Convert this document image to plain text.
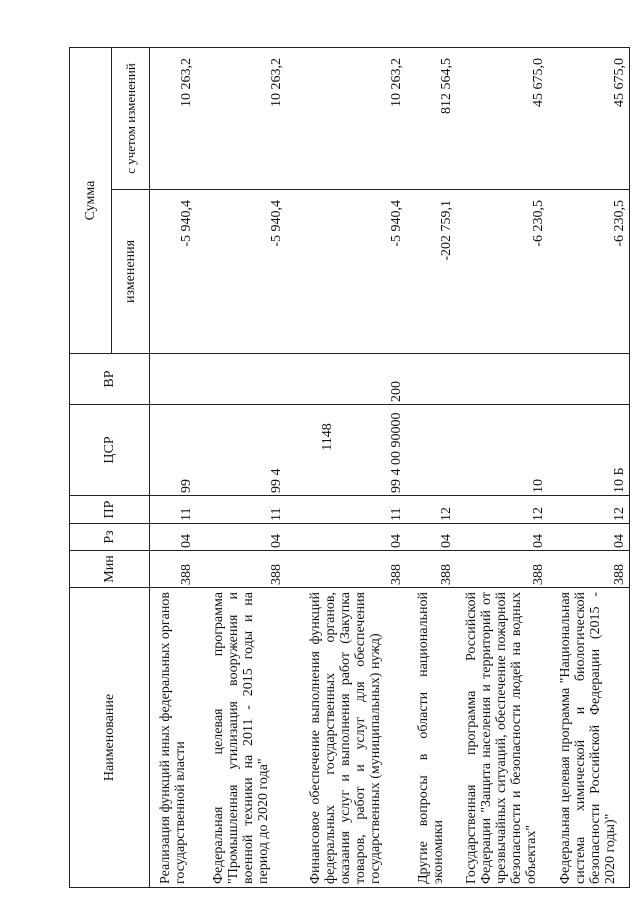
1148
Наименование	Мин	Рз	ПР	ЦСР	ВР	Сумма	
						изменения	с учетом изменений
Реализация функций иных федеральных органов государственной власти	388	04	11	99		-5 940,4	10 263,2
Федеральная целевая программа "Промышленная утилизация вооружения и военной техники на 2011 - 2015 годы и на период до 2020 года"	388	04	11	99 4		-5 940,4	10 263,2
Финансовое обеспечение выполнения функций федеральных государственных органов, оказания услуг и выполнения работ (Закупка товаров, работ и услуг для обеспечения государственных (муниципальных) нужд)	388	04	11	99 4 00 90000	200	-5 940,4	10 263,2
Другие вопросы в области национальной экономики	388	04	12			-202 759,1	812 564,5
Государственная программа Российской Федерации "Защита населения и территорий от чрезвычайных ситуаций, обеспечение пожарной безопасности и безопасности людей на водных объектах"	388	04	12	10		-6 230,5	45 675,0
Федеральная целевая программа "Национальная система химической и биологической безопасности Российской Федерации (2015 - 2020 годы)"	388	04	12	10 Б		-6 230,5	45 675,0
